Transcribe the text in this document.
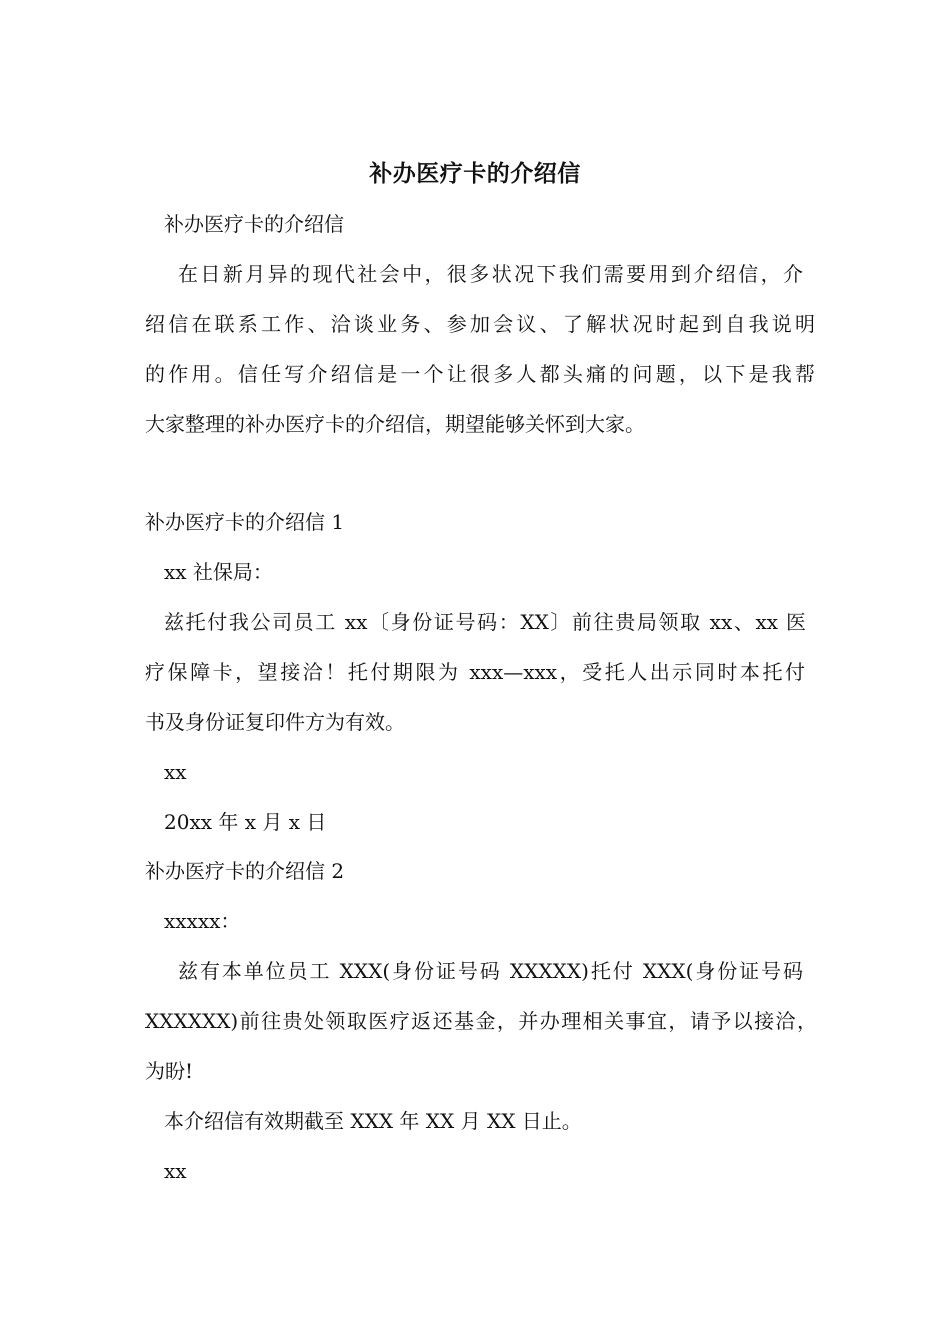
补办医疗卡的介绍信
补办医疗卡的介绍信
在日新月异的现代社会中，很多状况下我们需要用到介绍信，介
绍信在联系工作、洽谈业务、参加会议、了解状况时起到自我说明
的作用。信任写介绍信是一个让很多人都头痛的问题，以下是我帮
大家整理的补办医疗卡的介绍信，期望能够关怀到大家。
补办医疗卡的介绍信 1
xx 社保局：
兹托付我公司员工 xx〔身份证号码：XX〕前往贵局领取 xx、xx 医
疗保障卡，望接洽！托付期限为 xxx—xxx，受托人出示同时本托付
书及身份证复印件方为有效。
xx
20xx 年 x 月 x 日
补办医疗卡的介绍信 2
xxxxx：
兹有本单位员工 XXX(身份证号码 XXXXX)托付 XXX(身份证号码
XXXXXX)前往贵处领取医疗返还基金，并办理相关事宜，请予以接洽，
为盼!
本介绍信有效期截至 XXX 年 XX 月 XX 日止。
xx
